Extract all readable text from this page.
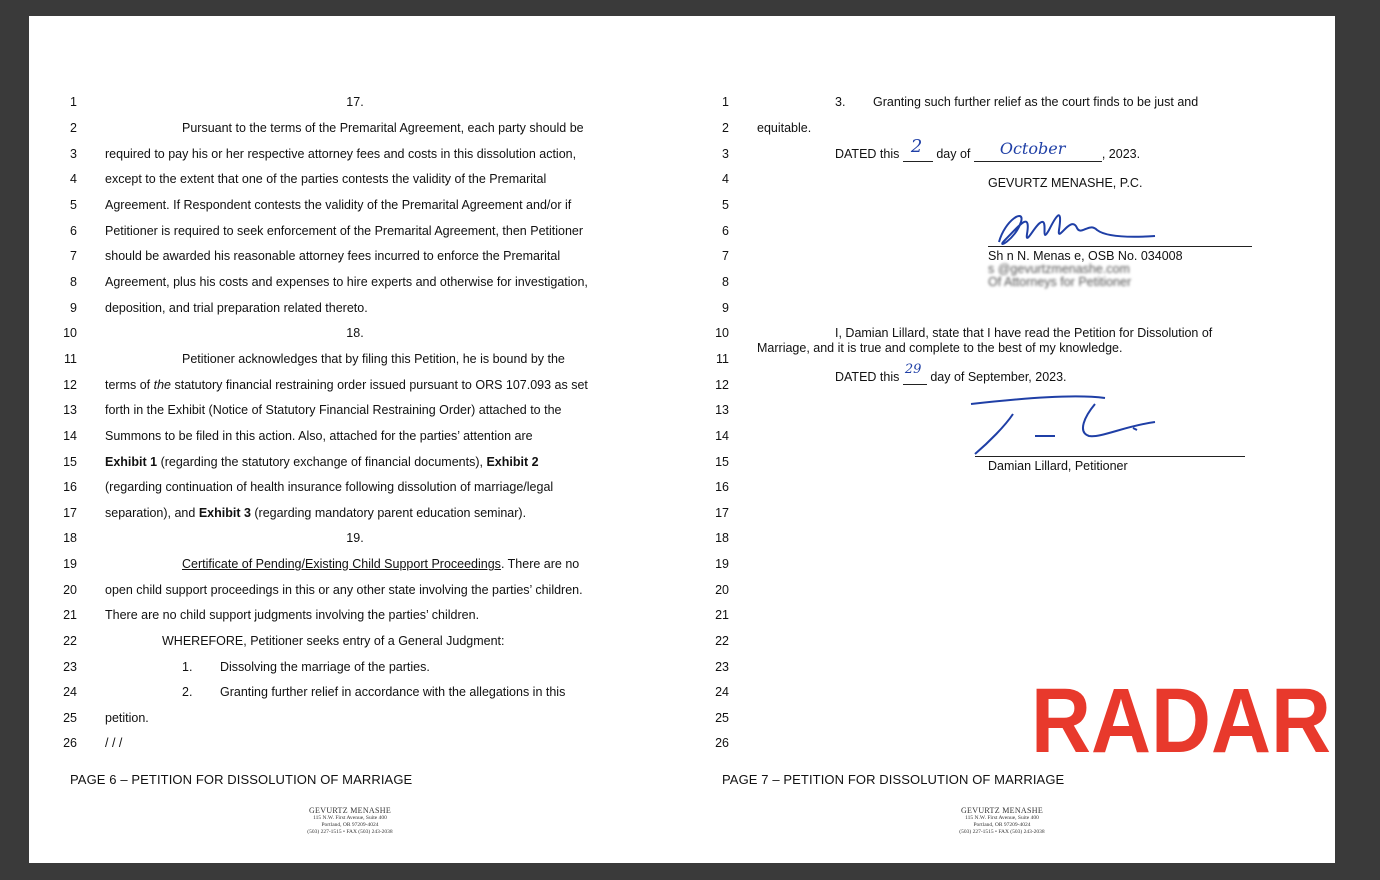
1
2
3
4
5
6
7
8
9
10
11
12
13
14
15
16
17
18
19
20
21
22
23
24
25
26
17.
Pursuant to the terms of the Premarital Agreement, each party should be
required to pay his or her respective attorney fees and costs in this dissolution action,
except to the extent that one of the parties contests the validity of the Premarital
Agreement. If Respondent contests the validity of the Premarital Agreement and/or if
Petitioner is required to seek enforcement of the Premarital Agreement, then Petitioner
should be awarded his reasonable attorney fees incurred to enforce the Premarital
Agreement, plus his costs and expenses to hire experts and otherwise for investigation,
deposition, and trial preparation related thereto.
18.
Petitioner acknowledges that by filing this Petition, he is bound by the
terms of the statutory financial restraining order issued pursuant to ORS 107.093 as set
forth in the Exhibit (Notice of Statutory Financial Restraining Order) attached to the
Summons to be filed in this action. Also, attached for the parties’ attention are
Exhibit 1 (regarding the statutory exchange of financial documents), Exhibit 2
(regarding continuation of health insurance following dissolution of marriage/legal
separation), and Exhibit 3 (regarding mandatory parent education seminar).
19.
Certificate of Pending/Existing Child Support Proceedings. There are no
open child support proceedings in this or any other state involving the parties’ children.
There are no child support judgments involving the parties’ children.
WHEREFORE, Petitioner seeks entry of a General Judgment:
1. Dissolving the marriage of the parties.
2. Granting further relief in accordance with the allegations in this
petition.
/ / /
PAGE 6 – PETITION FOR DISSOLUTION OF MARRIAGE
GEVURTZ MENASHE
115 N.W. First Avenue, Suite 400
Portland, OR 97209-4024
(503) 227-1515 • FAX (503) 243-2038
1
2
3
4
5
6
7
8
9
10
11
12
13
14
15
16
17
18
19
20
21
22
23
24
25
26
3. Granting such further relief as the court finds to be just and
equitable.
DATED this 2 day of October	, 2023.
GEVURTZ MENASHE, P.C.
Sh n N. Menas e, OSB No. 034008
s @gevurtzmenashe.com
Of Attorneys for Petitioner
I, Damian Lillard, state that I have read the Petition for Dissolution of
Marriage, and it is true and complete to the best of my knowledge.
DATED this 29 day of September, 2023.
Damian Lillard, Petitioner
PAGE 7 – PETITION FOR DISSOLUTION OF MARRIAGE
GEVURTZ MENASHE
115 N.W. First Avenue, Suite 400
Portland, OR 97209-4024
(503) 227-1515 • FAX (503) 243-2038
RADAR
